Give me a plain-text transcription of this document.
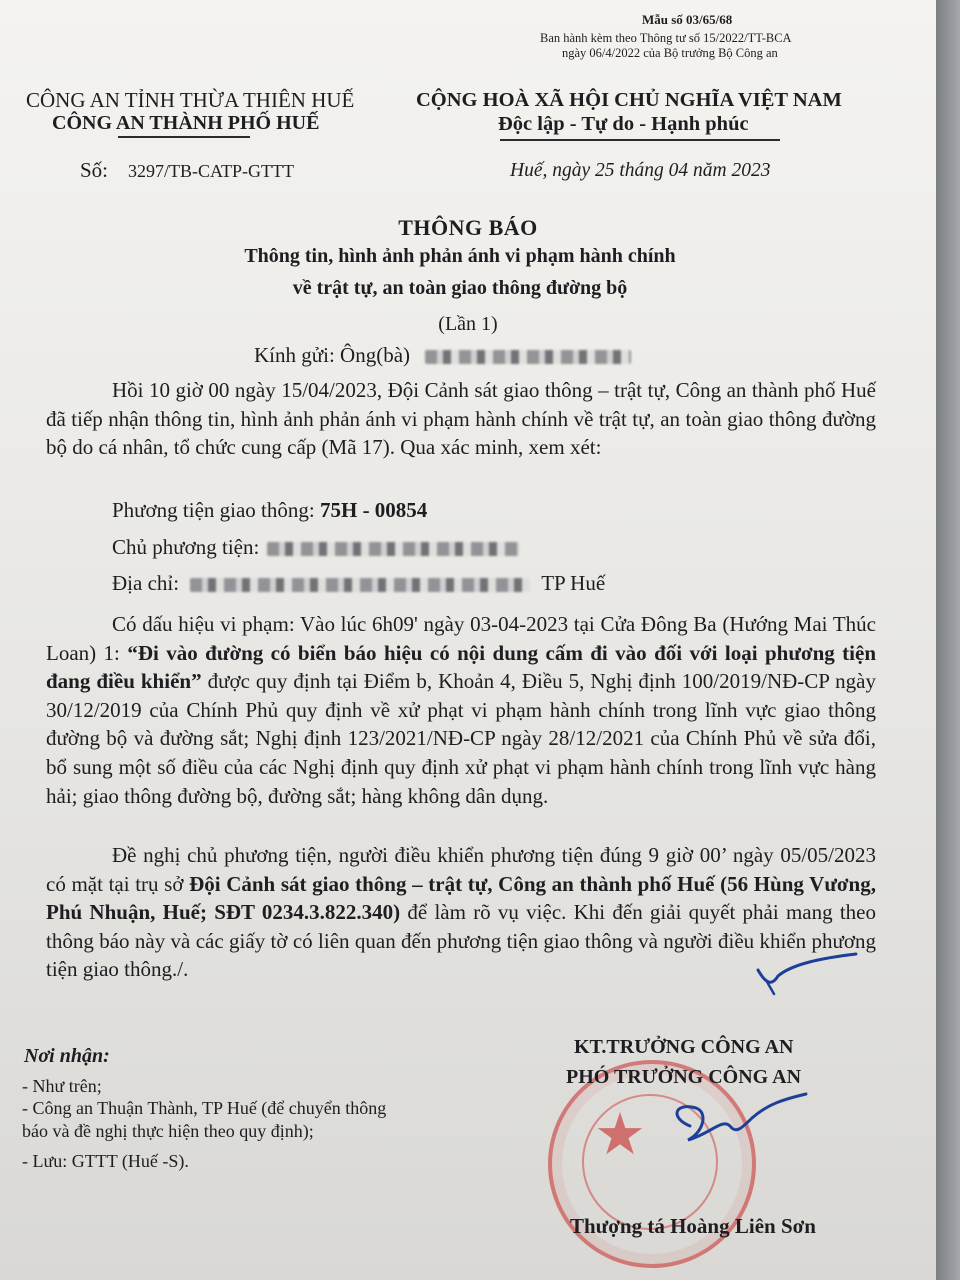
Mẫu số 03/65/68
Ban hành kèm theo Thông tư số 15/2022/TT-BCA
ngày 06/4/2022 của Bộ trưởng Bộ Công an
CÔNG AN TỈNH THỪA THIÊN HUẾ
CÔNG AN THÀNH PHỐ HUẾ
Số: 3297/TB-CATP-GTTT
CỘNG HOÀ XÃ HỘI CHỦ NGHĨA VIỆT NAM
Độc lập - Tự do - Hạnh phúc
Huế, ngày 25 tháng 04 năm 2023
THÔNG BÁO
Thông tin, hình ảnh phản ánh vi phạm hành chính
về trật tự, an toàn giao thông đường bộ
(Lần 1)
Kính gửi: Ông(bà)
Hồi 10 giờ 00 ngày 15/04/2023, Đội Cảnh sát giao thông – trật tự, Công an thành phố Huế đã tiếp nhận thông tin, hình ảnh phản ánh vi phạm hành chính về trật tự, an toàn giao thông đường bộ do cá nhân, tổ chức cung cấp (Mã 17). Qua xác minh, xem xét:
Phương tiện giao thông: 75H - 00854
Chủ phương tiện:
Địa chỉ:	TP Huế
Có dấu hiệu vi phạm: Vào lúc 6h09' ngày 03-04-2023 tại Cửa Đông Ba (Hướng Mai Thúc Loan) 1: “Đi vào đường có biển báo hiệu có nội dung cấm đi vào đối với loại phương tiện đang điều khiển” được quy định tại Điểm b, Khoản 4, Điều 5, Nghị định 100/2019/NĐ-CP ngày 30/12/2019 của Chính Phủ quy định về xử phạt vi phạm hành chính trong lĩnh vực giao thông đường bộ và đường sắt; Nghị định 123/2021/NĐ-CP ngày 28/12/2021 của Chính Phủ về sửa đổi, bổ sung một số điều của các Nghị định quy định xử phạt vi phạm hành chính trong lĩnh vực hàng hải; giao thông đường bộ, đường sắt; hàng không dân dụng.
Đề nghị chủ phương tiện, người điều khiển phương tiện đúng 9 giờ 00’ ngày 05/05/2023 có mặt tại trụ sở Đội Cảnh sát giao thông – trật tự, Công an thành phố Huế (56 Hùng Vương, Phú Nhuận, Huế; SĐT 0234.3.822.340) để làm rõ vụ việc. Khi đến giải quyết phải mang theo thông báo này và các giấy tờ có liên quan đến phương tiện giao thông và người điều khiển phương tiện giao thông./.
Nơi nhận:
- Như trên;
- Công an Thuận Thành, TP Huế (để chuyển thông
báo và đề nghị thực hiện theo quy định);
- Lưu: GTTT (Huế -S).	★
KT.TRƯỞNG CÔNG AN
PHÓ TRƯỞNG CÔNG AN
Thượng tá Hoàng Liên Sơn
